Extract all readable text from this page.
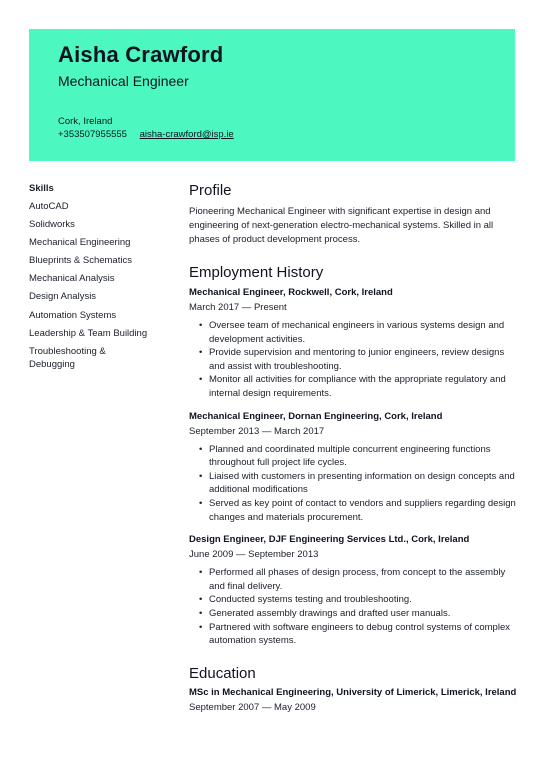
Aisha Crawford
Mechanical Engineer
Cork, Ireland
+353507955555 aisha-crawford@isp.ie
Skills
AutoCAD
Solidworks
Mechanical Engineering
Blueprints & Schematics
Mechanical Analysis
Design Analysis
Automation Systems
Leadership & Team Building
Troubleshooting & Debugging
Profile
Pioneering Mechanical Engineer with significant expertise in design and engineering of next-generation electro-mechanical systems. Skilled in all phases of product development process.
Employment History
Mechanical Engineer, Rockwell, Cork, Ireland
March 2017 — Present
• Oversee team of mechanical engineers in various systems design and development activities.
• Provide supervision and mentoring to junior engineers, review designs and assist with troubleshooting.
• Monitor all activities for compliance with the appropriate regulatory and internal design requirements.
Mechanical Engineer, Dornan Engineering, Cork, Ireland
September 2013 — March 2017
• Planned and coordinated multiple concurrent engineering functions throughout full project life cycles.
• Liaised with customers in presenting information on design concepts and additional modifications
• Served as key point of contact to vendors and suppliers regarding design changes and materials procurement.
Design Engineer, DJF Engineering Services Ltd., Cork, Ireland
June 2009 — September 2013
• Performed all phases of design process, from concept to the assembly and final delivery.
• Conducted systems testing and troubleshooting.
• Generated assembly drawings and drafted user manuals.
• Partnered with software engineers to debug control systems of complex automation systems.
Education
MSc in Mechanical Engineering, University of Limerick, Limerick, Ireland
September 2007 — May 2009
